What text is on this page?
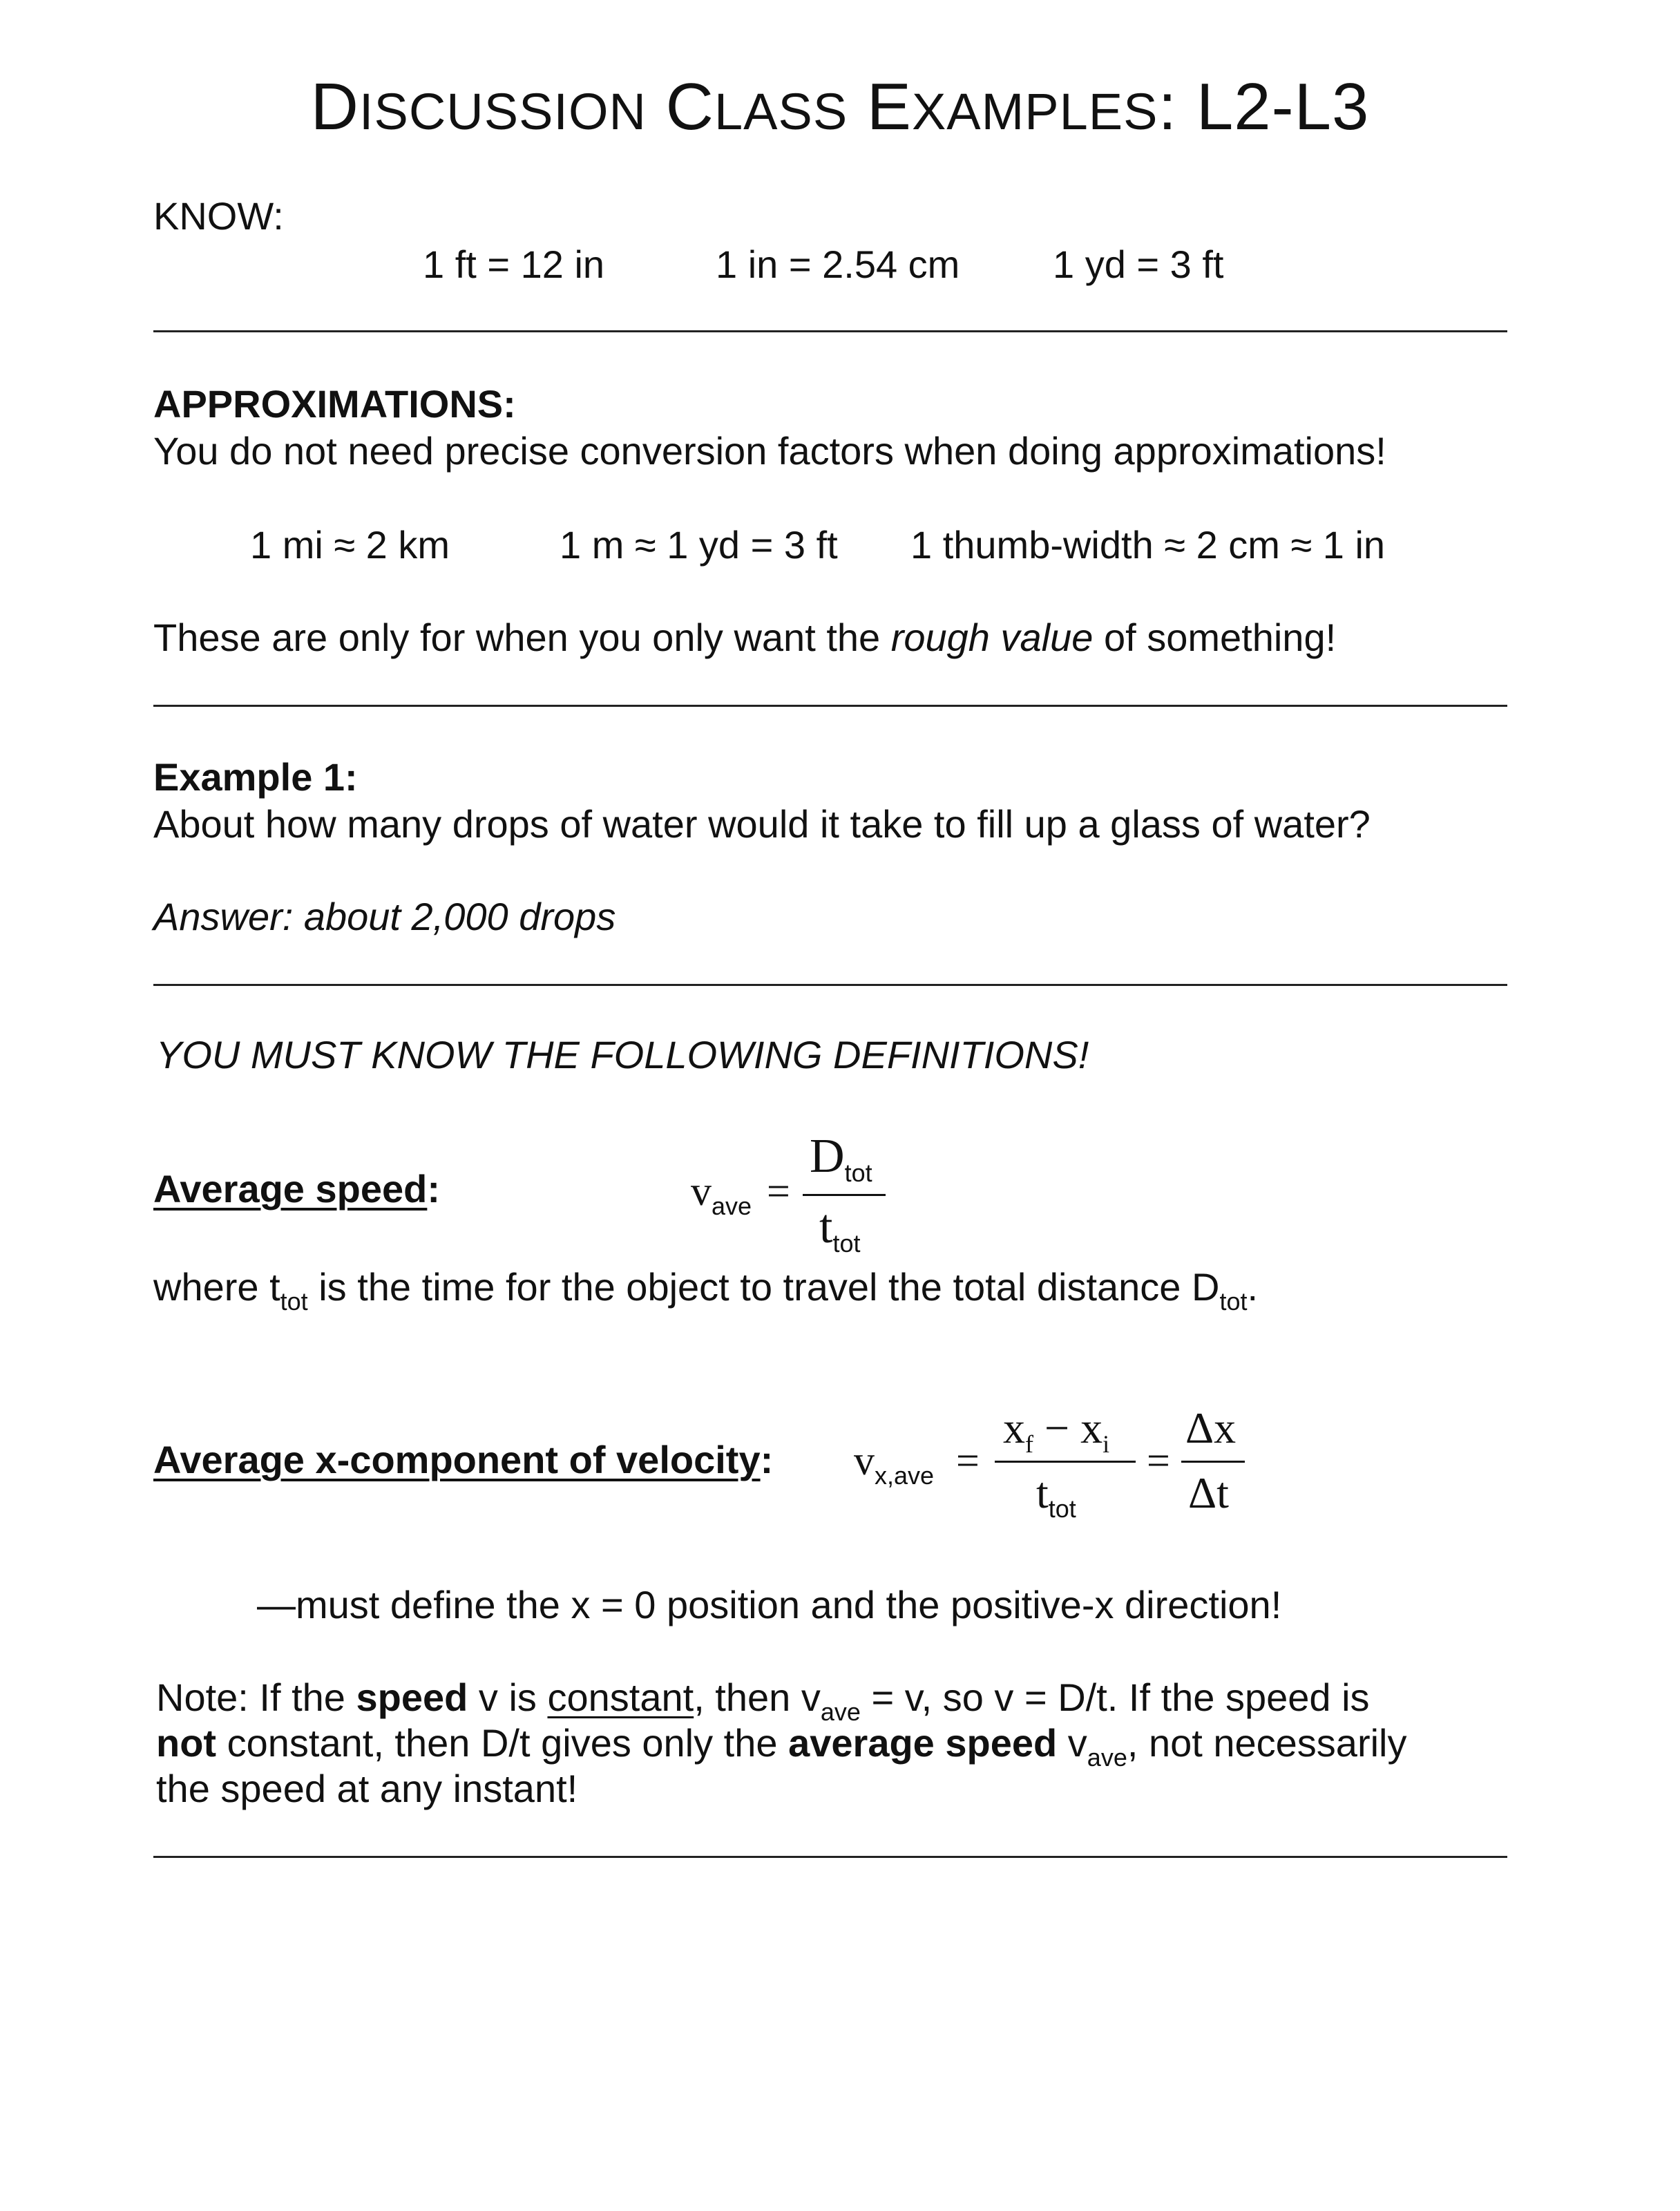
DISCUSSION CLASS EXAMPLES: L2-L3
KNOW:
1 ft = 12 in	1 in = 2.54 cm 1 yd = 3 ft
APPROXIMATIONS:
You do not need precise conversion factors when doing approximations!
1 mi ≈ 2 km	1 m ≈ 1 yd = 3 ft 1 thumb-width ≈ 2 cm ≈ 1 in
These are only for when you only want the rough value of something!
Example 1:
About how many drops of water would it take to fill up a glass of water?
Answer: about 2,000 drops
YOU MUST KNOW THE FOLLOWING DEFINITIONS!
Average speed:	$v_{ave}$ =
$D_{tot}$
$t_{tot}$
where $t_{tot}$ is the time for the object to travel the total distance $D_{tot}$.
Average x-component of velocity: $v_{x,ave}$ =
$x_f - x_i$
$t_{tot}$
=
Δx
Δt
—must define the x = 0 position and the positive-x direction!
Note: If the speed v is constant, then $v_{ave} = v$, so v = D/t. If the speed is
not constant, then D/t gives only the average speed $v_{ave}$, not necessarily
the speed at any instant!
